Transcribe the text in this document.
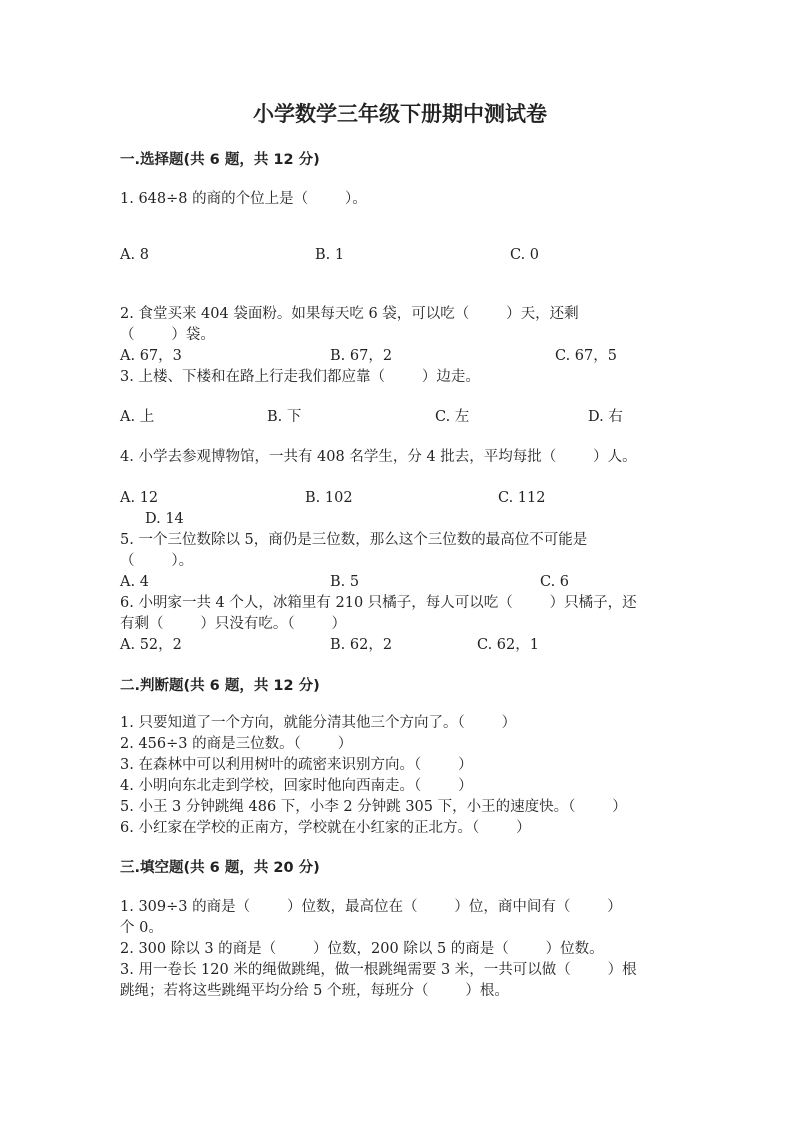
小学数学三年级下册期中测试卷
一.选择题(共 6 题，共 12 分)
1. 648÷8 的商的个位上是（        ）。
A. 8	B. 1	C. 0
2. 食堂买来 404 袋面粉。如果每天吃 6 袋，可以吃（        ）天，还剩
（        ）袋。
A. 67，3	B. 67，2	C. 67，5
3. 上楼、下楼和在路上行走我们都应靠（        ）边走。
A. 上	B. 下	C. 左	D. 右
4. 小学去参观博物馆，一共有 408 名学生，分 4 批去，平均每批（        ）人。
A. 12	B. 102	C. 112
D. 14
5. 一个三位数除以 5，商仍是三位数，那么这个三位数的最高位不可能是
（        ）。
A. 4	B. 5	C. 6
6. 小明家一共 4 个人，冰箱里有 210 只橘子，每人可以吃（        ）只橘子，还
有剩（        ）只没有吃。（        ）
A. 52，2	B. 62，2	C. 62，1
二.判断题(共 6 题，共 12 分)
1. 只要知道了一个方向，就能分清其他三个方向了。（        ）
2. 456÷3 的商是三位数。（        ）
3. 在森林中可以利用树叶的疏密来识别方向。（        ）
4. 小明向东北走到学校，回家时他向西南走。（        ）
5. 小王 3 分钟跳绳 486 下，小李 2 分钟跳 305 下，小王的速度快。（        ）
6. 小红家在学校的正南方，学校就在小红家的正北方。（        ）
三.填空题(共 6 题，共 20 分)
1. 309÷3 的商是（        ）位数，最高位在（        ）位，商中间有（        ）
个 0。
2. 300 除以 3 的商是（        ）位数，200 除以 5 的商是（        ）位数。
3. 用一卷长 120 米的绳做跳绳，做一根跳绳需要 3 米，一共可以做（        ）根
跳绳；若将这些跳绳平均分给 5 个班，每班分（        ）根。
